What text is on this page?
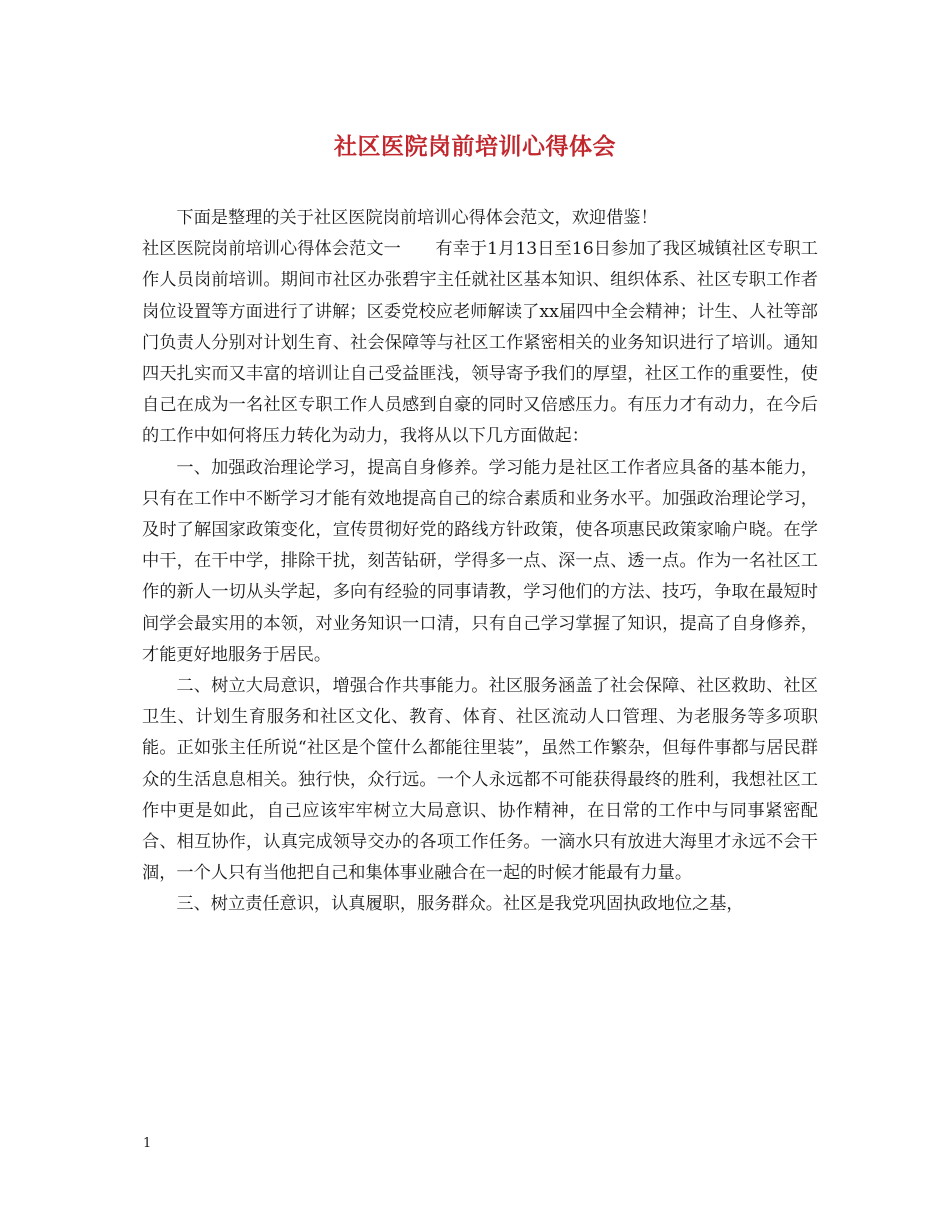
社区医院岗前培训心得体会

下面是整理的关于社区医院岗前培训心得体会范文，欢迎借鉴！

社区医院岗前培训心得体会范文一　　有幸于1月13日至16日参加了我区城镇社区专职工作人员岗前培训。期间市社区办张碧宇主任就社区基本知识、组织体系、社区专职工作者岗位设置等方面进行了讲解；区委党校应老师解读了xx届四中全会精神；计生、人社等部门负责人分别对计划生育、社会保障等与社区工作紧密相关的业务知识进行了培训。通知四天扎实而又丰富的培训让自己受益匪浅，领导寄予我们的厚望，社区工作的重要性，使自己在成为一名社区专职工作人员感到自豪的同时又倍感压力。有压力才有动力，在今后的工作中如何将压力转化为动力，我将从以下几方面做起：

一、加强政治理论学习，提高自身修养。学习能力是社区工作者应具备的基本能力，只有在工作中不断学习才能有效地提高自己的综合素质和业务水平。加强政治理论学习，及时了解国家政策变化，宣传贯彻好党的路线方针政策，使各项惠民政策家喻户晓。在学中干，在干中学，排除干扰，刻苦钻研，学得多一点、深一点、透一点。作为一名社区工作的新人一切从头学起，多向有经验的同事请教，学习他们的方法、技巧，争取在最短时间学会最实用的本领，对业务知识一口清，只有自己学习掌握了知识，提高了自身修养，才能更好地服务于居民。

二、树立大局意识，增强合作共事能力。社区服务涵盖了社会保障、社区救助、社区卫生、计划生育服务和社区文化、教育、体育、社区流动人口管理、为老服务等多项职能。正如张主任所说“社区是个筐什么都能往里装”，虽然工作繁杂，但每件事都与居民群众的生活息息相关。独行快，众行远。一个人永远都不可能获得最终的胜利，我想社区工作中更是如此，自己应该牢牢树立大局意识、协作精神，在日常的工作中与同事紧密配合、相互协作，认真完成领导交办的各项工作任务。一滴水只有放进大海里才永远不会干涸，一个人只有当他把自己和集体事业融合在一起的时候才能最有力量。

三、树立责任意识，认真履职，服务群众。社区是我党巩固执政地位之基，

1
